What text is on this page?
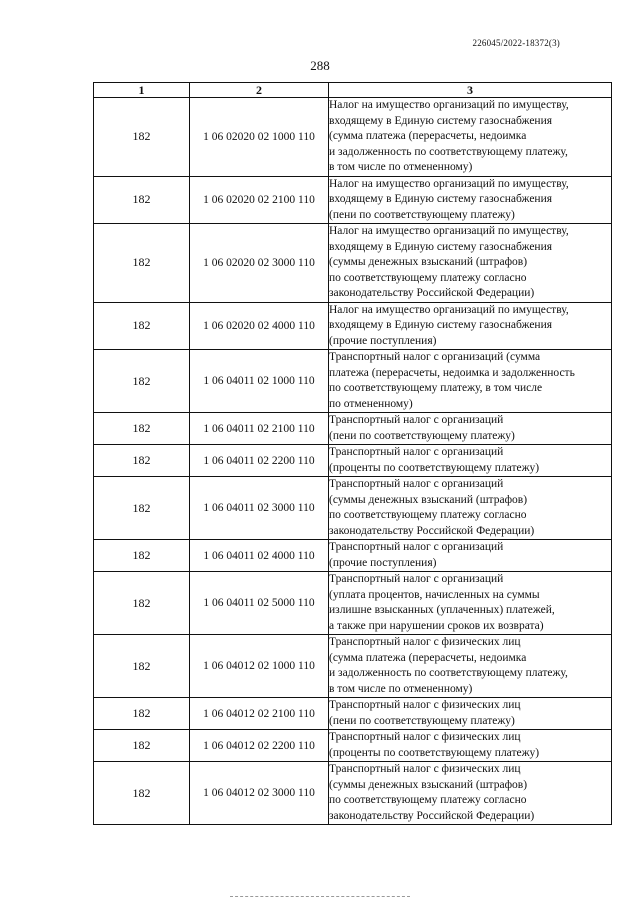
226045/2022-18372(3)
288
1	2	3
182	1 06 02020 02 1000 110	Налог на имущество организаций по имуществу,
входящему в Единую систему газоснабжения
(сумма платежа (перерасчеты, недоимка
и задолженность по соответствующему платежу,
в том числе по отмененному)
182	1 06 02020 02 2100 110	Налог на имущество организаций по имуществу,
входящему в Единую систему газоснабжения
(пени по соответствующему платежу)
182	1 06 02020 02 3000 110	Налог на имущество организаций по имуществу,
входящему в Единую систему газоснабжения
(суммы денежных взысканий (штрафов)
по соответствующему платежу согласно
законодательству Российской Федерации)
182	1 06 02020 02 4000 110	Налог на имущество организаций по имуществу,
входящему в Единую систему газоснабжения
(прочие поступления)
182	1 06 04011 02 1000 110	Транспортный налог с организаций (сумма
платежа (перерасчеты, недоимка и задолженность
по соответствующему платежу, в том числе
по отмененному)
182	1 06 04011 02 2100 110	Транспортный налог с организаций
(пени по соответствующему платежу)
182	1 06 04011 02 2200 110	Транспортный налог с организаций
(проценты по соответствующему платежу)
182	1 06 04011 02 3000 110	Транспортный налог с организаций
(суммы денежных взысканий (штрафов)
по соответствующему платежу согласно
законодательству Российской Федерации)
182	1 06 04011 02 4000 110	Транспортный налог с организаций
(прочие поступления)
182	1 06 04011 02 5000 110	Транспортный налог с организаций
(уплата процентов, начисленных на суммы
излишне взысканных (уплаченных) платежей,
а также при нарушении сроков их возврата)
182	1 06 04012 02 1000 110	Транспортный налог с физических лиц
(сумма платежа (перерасчеты, недоимка
и задолженность по соответствующему платежу,
в том числе по отмененному)
182	1 06 04012 02 2100 110	Транспортный налог с физических лиц
(пени по соответствующему платежу)
182	1 06 04012 02 2200 110	Транспортный налог с физических лиц
(проценты по соответствующему платежу)
182	1 06 04012 02 3000 110	Транспортный налог с физических лиц
(суммы денежных взысканий (штрафов)
по соответствующему платежу согласно
законодательству Российской Федерации)
